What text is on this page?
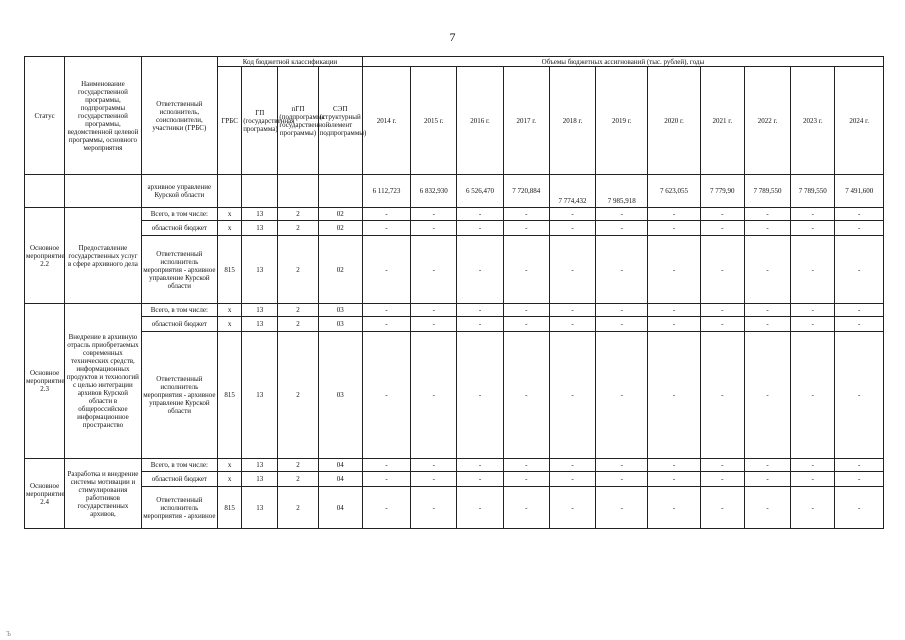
7
Статус	Наименование государственной программы, подпрограммы государственной программы, ведомственной целевой программы, основного мероприятия	Ответственный исполнитель, соисполнители, участники (ГРБС)	Код бюджетной классификации				Объемы бюджетных ассигнований (тыс. рублей), годы										
			ГРБС	ГП (государственная программа)	пГП (подпрограмма государственной программы)	СЭП (структурный элемент подпрограммы)	2014 г.	2015 г.	2016 г.	2017 г.	2018 г.	2019 г.	2020 г.	2021 г.	2022 г.	2023 г.	2024 г.
		архивное управление Курской области					6 112,723	6 832,930	6 526,470	7 720,884	7 774,432	7 985,918	7 623,055	7 779,90	7 789,550	7 789,550	7 491,600
Основное мероприятие 2.2	Предоставление государственных услуг в сфере архивного дела	Всего, в том числе:	x	13	2	02	-	-	-	-	-	-	-	-	-	-	-
		областной бюджет	x	13	2	02	-	-	-	-	-	-	-	-	-	-	-
		Ответственный исполнитель мероприятия - архивное управление Курской области	815	13	2	02	-	-	-	-	-	-	-	-	-	-	-
Основное мероприятие 2.3	Внедрение в архивную отрасль приобретаемых современных технических средств, информационных продуктов и технологий с целью интеграции архивов Курской области в общероссийское информационное пространство	Всего, в том числе:	x	13	2	03	-	-	-	-	-	-	-	-	-	-	-
		областной бюджет	x	13	2	03	-	-	-	-	-	-	-	-	-	-	-
		Ответственный исполнитель мероприятия - архивное управление Курской области	815	13	2	03	-	-	-	-	-	-	-	-	-	-	-
Основное мероприятие 2.4	Разработка и внедрение системы мотивации и стимулирования работников государственных архивов,	Всего, в том числе:	x	13	2	04	-	-	-	-	-	-	-	-	-	-	-
		областной бюджет	x	13	2	04	-	-	-	-	-	-	-	-	-	-	-
		Ответственный исполнитель мероприятия - архивное	815	13	2	04	-	-	-	-	-	-	-	-	-	-	-
Ъ
